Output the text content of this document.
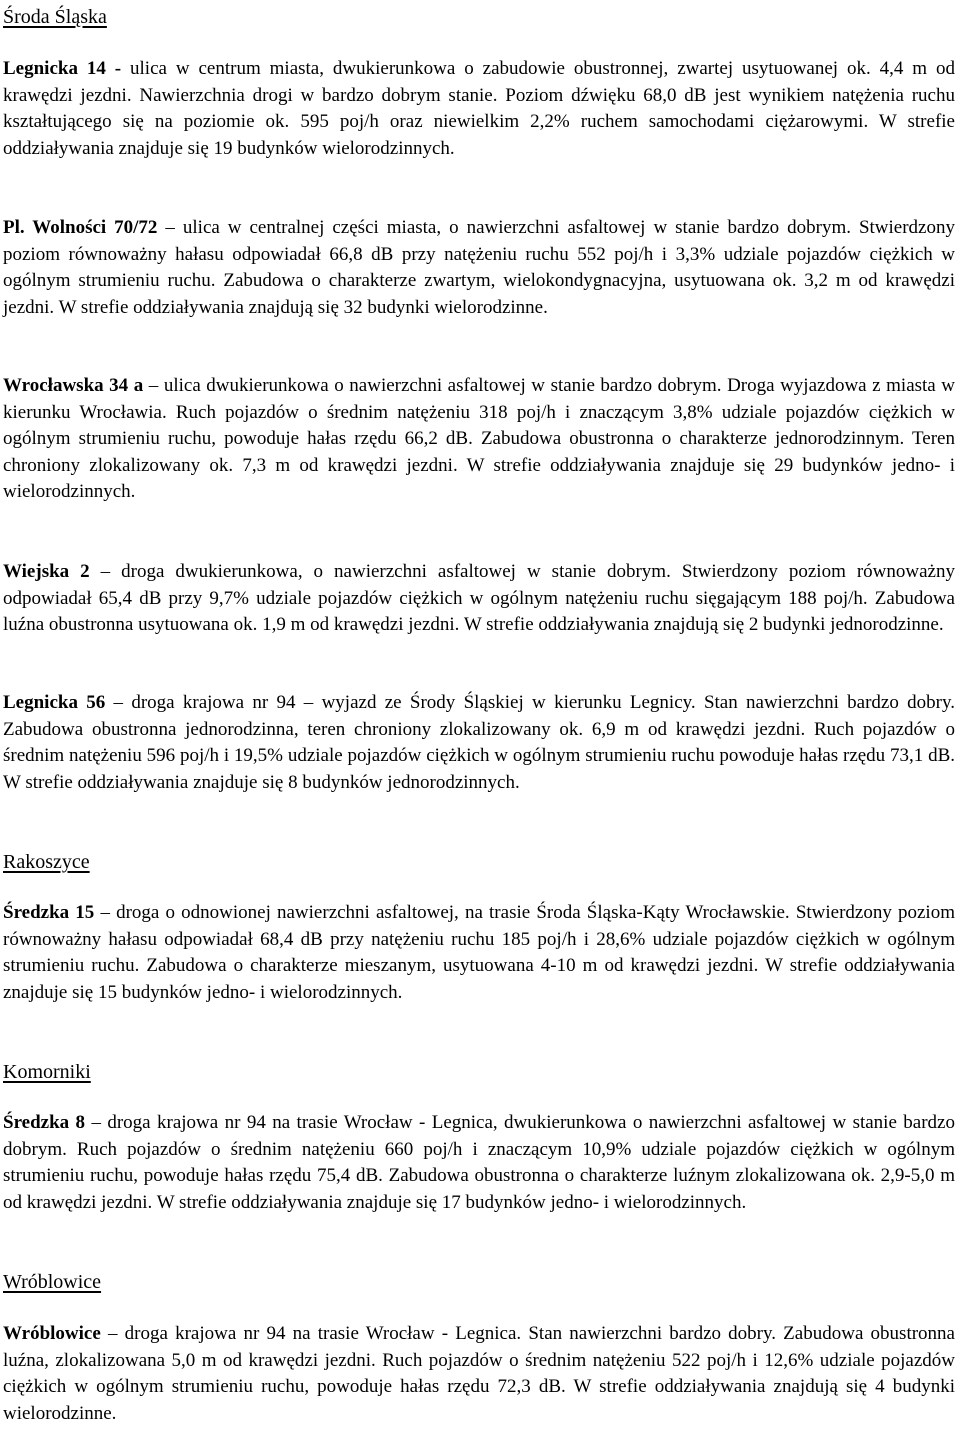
Środa Śląska

Legnicka 14 - ulica w centrum miasta, dwukierunkowa o zabudowie obustronnej, zwartej usytuowanej ok. 4,4 m od krawędzi jezdni. Nawierzchnia drogi w bardzo dobrym stanie. Poziom dźwięku 68,0 dB jest wynikiem natężenia ruchu kształtującego się na poziomie ok. 595 poj/h oraz niewielkim 2,2% ruchem samochodami ciężarowymi. W strefie oddziaływania znajduje się 19 budynków wielorodzinnych.

Pl. Wolności 70/72 – ulica w centralnej części miasta, o nawierzchni asfaltowej w stanie bardzo dobrym. Stwierdzony poziom równoważny hałasu odpowiadał 66,8 dB przy natężeniu ruchu 552 poj/h i 3,3% udziale pojazdów ciężkich w ogólnym strumieniu ruchu. Zabudowa o charakterze zwartym, wielokondygnacyjna, usytuowana ok. 3,2 m od krawędzi jezdni. W strefie oddziaływania znajdują się 32 budynki wielorodzinne.

Wrocławska 34 a – ulica dwukierunkowa o nawierzchni asfaltowej w stanie bardzo dobrym. Droga wyjazdowa z miasta w kierunku Wrocławia. Ruch pojazdów o średnim natężeniu 318 poj/h i znaczącym 3,8% udziale pojazdów ciężkich w ogólnym strumieniu ruchu, powoduje hałas rzędu 66,2 dB. Zabudowa obustronna o charakterze jednorodzinnym. Teren chroniony zlokalizowany ok. 7,3 m od krawędzi jezdni. W strefie oddziaływania znajduje się 29 budynków jedno- i wielorodzinnych.

Wiejska 2 – droga dwukierunkowa, o nawierzchni asfaltowej w stanie dobrym. Stwierdzony poziom równoważny odpowiadał 65,4 dB przy 9,7% udziale pojazdów ciężkich w ogólnym natężeniu ruchu sięgającym 188 poj/h. Zabudowa luźna obustronna usytuowana ok. 1,9 m od krawędzi jezdni. W strefie oddziaływania znajdują się 2 budynki jednorodzinne.

Legnicka 56 – droga krajowa nr 94 – wyjazd ze Środy Śląskiej w kierunku Legnicy. Stan nawierzchni bardzo dobry. Zabudowa obustronna jednorodzinna, teren chroniony zlokalizowany ok. 6,9 m od krawędzi jezdni. Ruch pojazdów o średnim natężeniu 596 poj/h i 19,5% udziale pojazdów ciężkich w ogólnym strumieniu ruchu powoduje hałas rzędu 73,1 dB. W strefie oddziaływania znajduje się 8 budynków jednorodzinnych.

Rakoszyce

Średzka 15 – droga o odnowionej nawierzchni asfaltowej, na trasie Środa Śląska-Kąty Wrocławskie. Stwierdzony poziom równoważny hałasu odpowiadał 68,4 dB przy natężeniu ruchu 185 poj/h i 28,6% udziale pojazdów ciężkich w ogólnym strumieniu ruchu. Zabudowa o charakterze mieszanym, usytuowana 4-10 m od krawędzi jezdni. W strefie oddziaływania znajduje się 15 budynków jedno- i wielorodzinnych.

Komorniki

Średzka 8 – droga krajowa nr 94 na trasie Wrocław - Legnica, dwukierunkowa o nawierzchni asfaltowej w stanie bardzo dobrym. Ruch pojazdów o średnim natężeniu 660 poj/h i znaczącym 10,9% udziale pojazdów ciężkich w ogólnym strumieniu ruchu, powoduje hałas rzędu 75,4 dB. Zabudowa obustronna o charakterze luźnym zlokalizowana ok. 2,9-5,0 m od krawędzi jezdni. W strefie oddziaływania znajduje się 17 budynków jedno- i wielorodzinnych.

Wróblowice

Wróblowice – droga krajowa nr 94 na trasie Wrocław - Legnica. Stan nawierzchni bardzo dobry. Zabudowa obustronna luźna, zlokalizowana 5,0 m od krawędzi jezdni. Ruch pojazdów o średnim natężeniu 522 poj/h i 12,6% udziale pojazdów ciężkich w ogólnym strumieniu ruchu, powoduje hałas rzędu 72,3 dB. W strefie oddziaływania znajdują się 4 budynki wielorodzinne.
